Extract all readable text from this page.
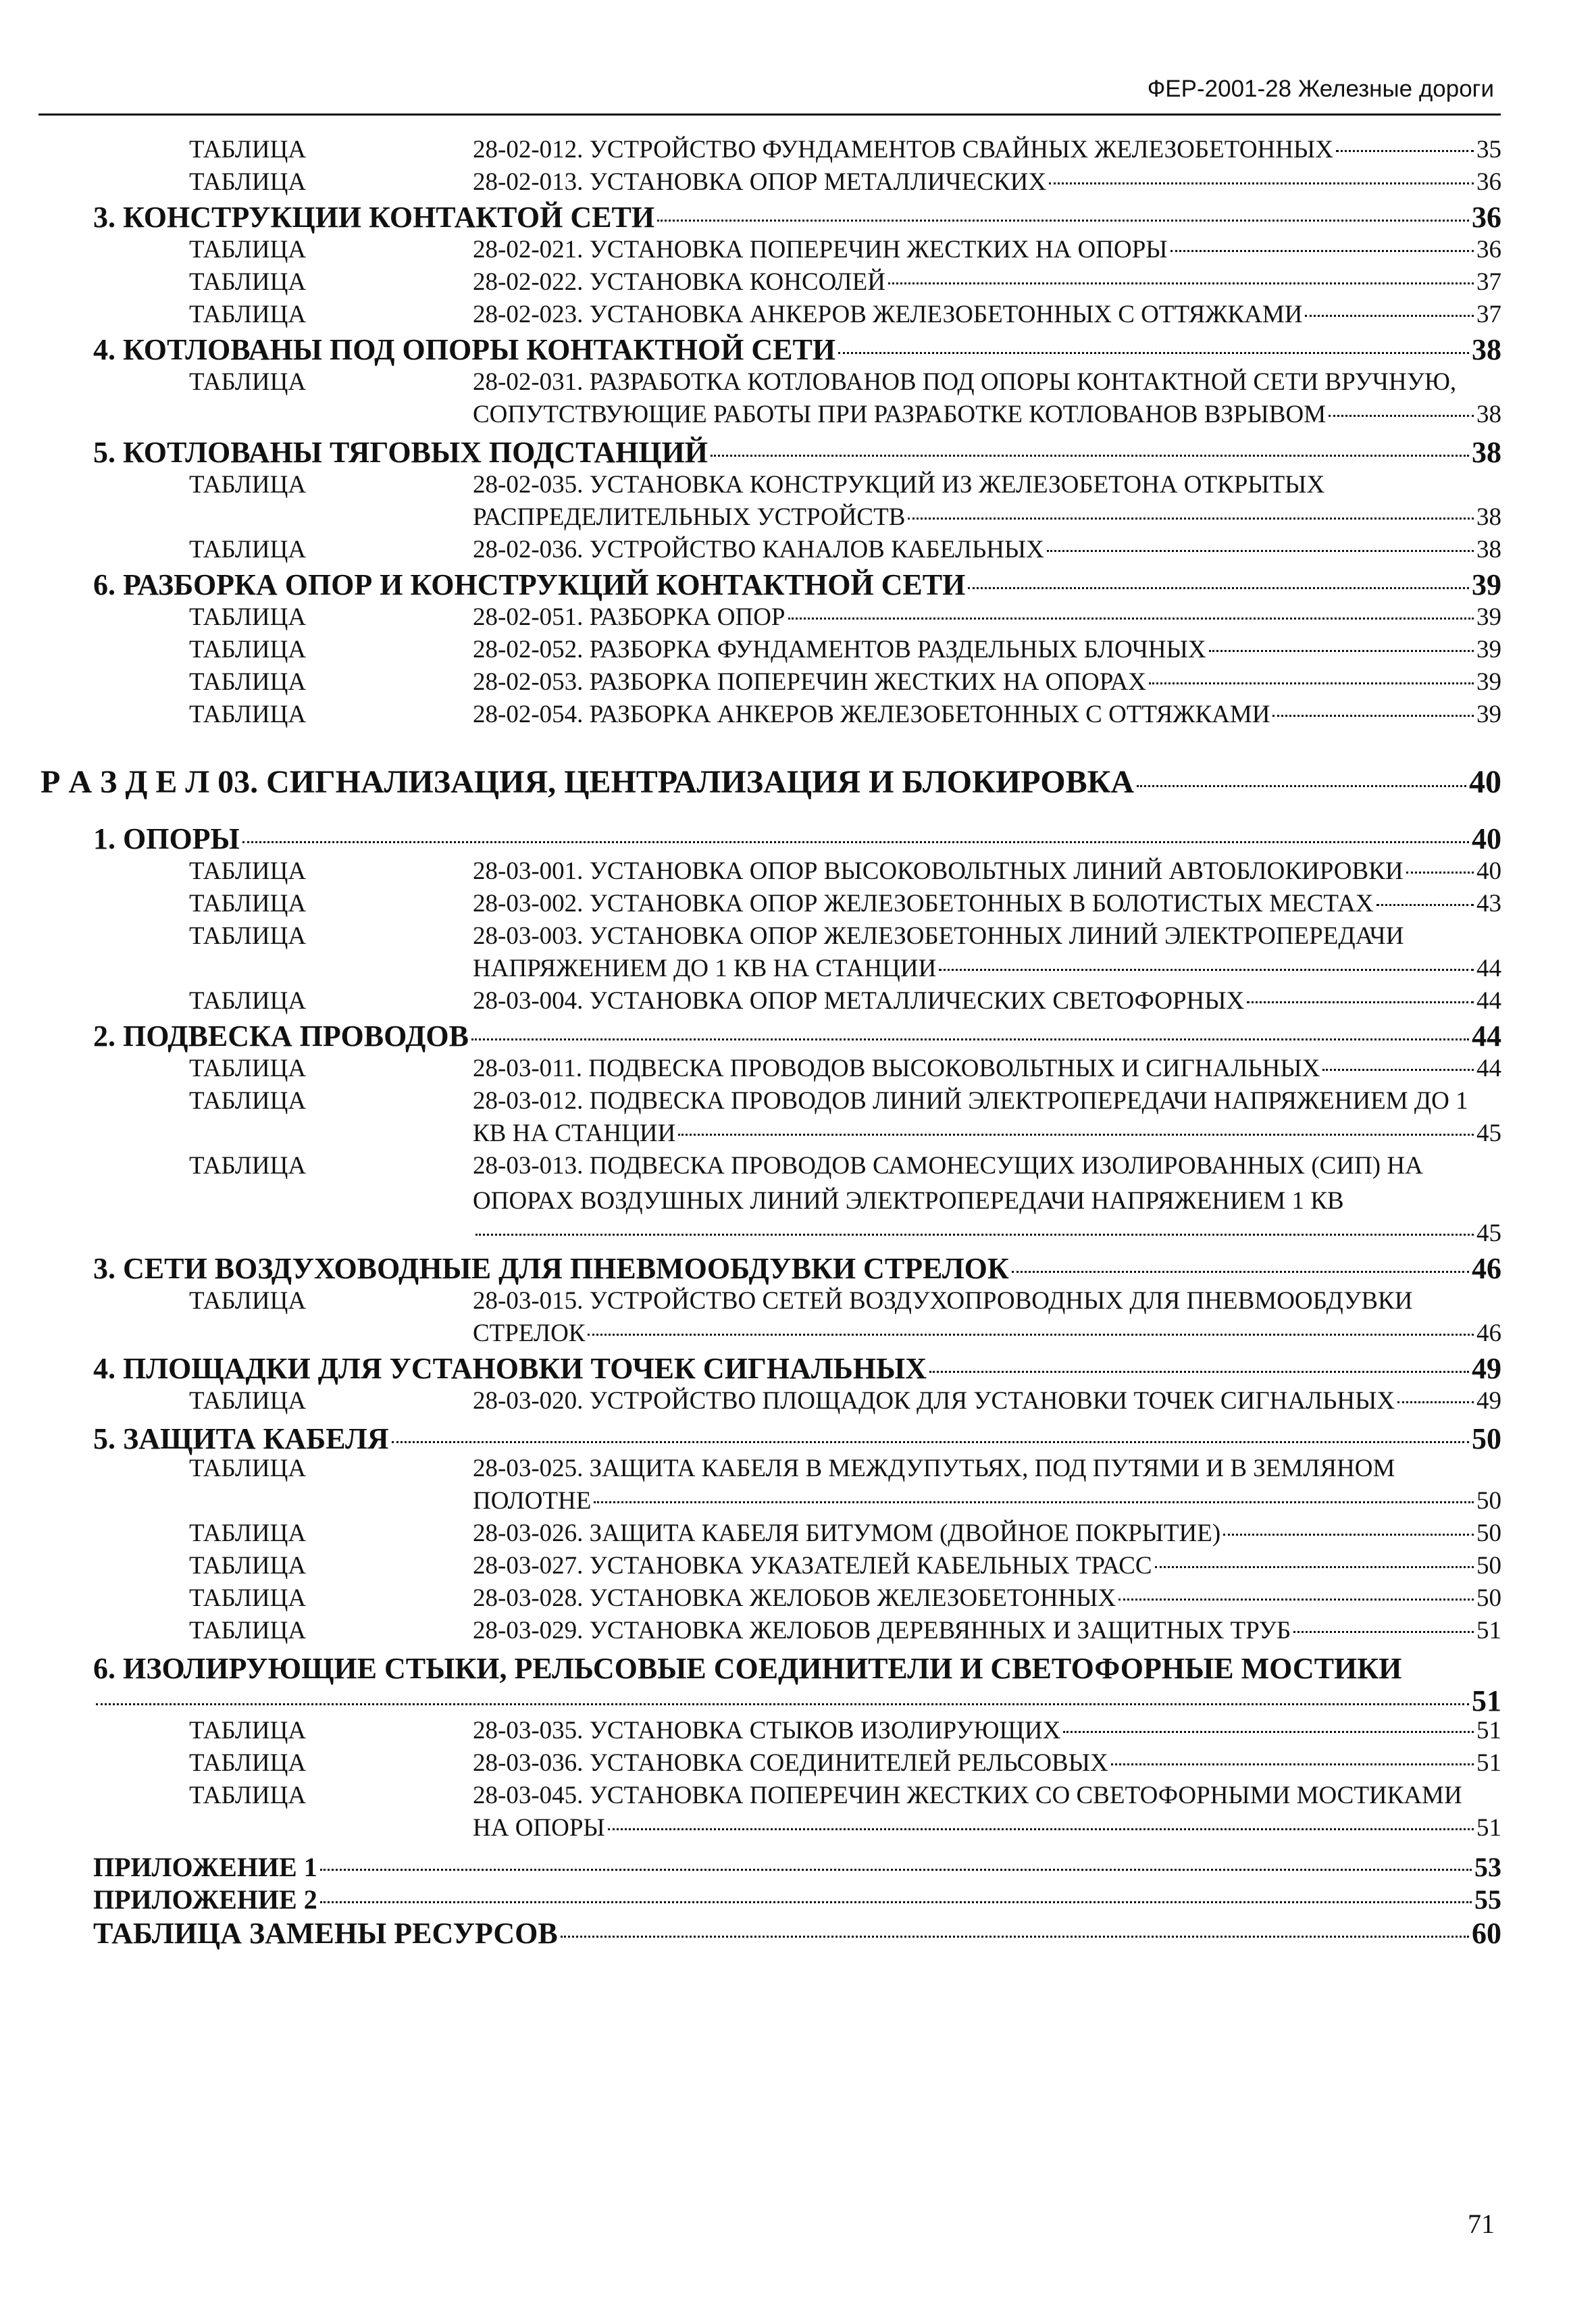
ФЕР-2001-28 Железные дороги
ТАБЛИЦА	28-02-012. УСТРОЙСТВО ФУНДАМЕНТОВ СВАЙНЫХ ЖЕЛЕЗОБЕТОННЫХ	35
ТАБЛИЦА	28-02-013. УСТАНОВКА ОПОР МЕТАЛЛИЧЕСКИХ	36
3. КОНСТРУКЦИИ КОНТАКТОЙ СЕТИ	36
ТАБЛИЦА	28-02-021. УСТАНОВКА ПОПЕРЕЧИН ЖЕСТКИХ НА ОПОРЫ	36
ТАБЛИЦА	28-02-022. УСТАНОВКА КОНСОЛЕЙ	37
ТАБЛИЦА	28-02-023. УСТАНОВКА АНКЕРОВ ЖЕЛЕЗОБЕТОННЫХ С ОТТЯЖКАМИ	37
4. КОТЛОВАНЫ ПОД ОПОРЫ КОНТАКТНОЙ СЕТИ	38
ТАБЛИЦА	28-02-031. РАЗРАБОТКА КОТЛОВАНОВ ПОД ОПОРЫ КОНТАКТНОЙ СЕТИ ВРУЧНУЮ,
СОПУТСТВУЮЩИЕ РАБОТЫ ПРИ РАЗРАБОТКЕ КОТЛОВАНОВ ВЗРЫВОМ	38
5. КОТЛОВАНЫ ТЯГОВЫХ ПОДСТАНЦИЙ	38
ТАБЛИЦА	28-02-035. УСТАНОВКА КОНСТРУКЦИЙ ИЗ ЖЕЛЕЗОБЕТОНА ОТКРЫТЫХ
РАСПРЕДЕЛИТЕЛЬНЫХ УСТРОЙСТВ	38
ТАБЛИЦА	28-02-036. УСТРОЙСТВО КАНАЛОВ КАБЕЛЬНЫХ	38
6. РАЗБОРКА ОПОР И КОНСТРУКЦИЙ КОНТАКТНОЙ СЕТИ	39
ТАБЛИЦА	28-02-051. РАЗБОРКА ОПОР	39
ТАБЛИЦА	28-02-052. РАЗБОРКА ФУНДАМЕНТОВ РАЗДЕЛЬНЫХ БЛОЧНЫХ	39
ТАБЛИЦА	28-02-053. РАЗБОРКА ПОПЕРЕЧИН ЖЕСТКИХ НА ОПОРАХ	39
ТАБЛИЦА	28-02-054. РАЗБОРКА АНКЕРОВ ЖЕЛЕЗОБЕТОННЫХ С ОТТЯЖКАМИ	39
Р А З Д Е Л 03. СИГНАЛИЗАЦИЯ, ЦЕНТРАЛИЗАЦИЯ И БЛОКИРОВКА	40
1. ОПОРЫ	40
ТАБЛИЦА	28-03-001. УСТАНОВКА ОПОР ВЫСОКОВОЛЬТНЫХ ЛИНИЙ АВТОБЛОКИРОВКИ	40
ТАБЛИЦА	28-03-002. УСТАНОВКА ОПОР ЖЕЛЕЗОБЕТОННЫХ В БОЛОТИСТЫХ МЕСТАХ	43
ТАБЛИЦА	28-03-003. УСТАНОВКА ОПОР ЖЕЛЕЗОБЕТОННЫХ ЛИНИЙ ЭЛЕКТРОПЕРЕДАЧИ
НАПРЯЖЕНИЕМ ДО 1 КВ НА СТАНЦИИ	44
ТАБЛИЦА	28-03-004. УСТАНОВКА ОПОР МЕТАЛЛИЧЕСКИХ СВЕТОФОРНЫХ	44
2. ПОДВЕСКА ПРОВОДОВ	44
ТАБЛИЦА	28-03-011. ПОДВЕСКА ПРОВОДОВ ВЫСОКОВОЛЬТНЫХ И СИГНАЛЬНЫХ	44
ТАБЛИЦА	28-03-012. ПОДВЕСКА ПРОВОДОВ ЛИНИЙ ЭЛЕКТРОПЕРЕДАЧИ НАПРЯЖЕНИЕМ ДО 1
КВ НА СТАНЦИИ	45
ТАБЛИЦА	28-03-013. ПОДВЕСКА ПРОВОДОВ САМОНЕСУЩИХ ИЗОЛИРОВАННЫХ (СИП) НА
ОПОРАХ ВОЗДУШНЫХ ЛИНИЙ ЭЛЕКТРОПЕРЕДАЧИ НАПРЯЖЕНИЕМ 1 КВ
45
3. СЕТИ ВОЗДУХОВОДНЫЕ ДЛЯ ПНЕВМООБДУВКИ СТРЕЛОК	46
ТАБЛИЦА	28-03-015. УСТРОЙСТВО СЕТЕЙ ВОЗДУХОПРОВОДНЫХ ДЛЯ ПНЕВМООБДУВКИ
СТРЕЛОК	46
4. ПЛОЩАДКИ ДЛЯ УСТАНОВКИ ТОЧЕК СИГНАЛЬНЫХ	49
ТАБЛИЦА	28-03-020. УСТРОЙСТВО ПЛОЩАДОК ДЛЯ УСТАНОВКИ ТОЧЕК СИГНАЛЬНЫХ	49
5. ЗАЩИТА КАБЕЛЯ	50
ТАБЛИЦА	28-03-025. ЗАЩИТА КАБЕЛЯ В МЕЖДУПУТЬЯХ, ПОД ПУТЯМИ И В ЗЕМЛЯНОМ
ПОЛОТНЕ	50
ТАБЛИЦА	28-03-026. ЗАЩИТА КАБЕЛЯ БИТУМОМ (ДВОЙНОЕ ПОКРЫТИЕ)	50
ТАБЛИЦА	28-03-027. УСТАНОВКА УКАЗАТЕЛЕЙ КАБЕЛЬНЫХ ТРАСС	50
ТАБЛИЦА	28-03-028. УСТАНОВКА ЖЕЛОБОВ ЖЕЛЕЗОБЕТОННЫХ	50
ТАБЛИЦА	28-03-029. УСТАНОВКА ЖЕЛОБОВ ДЕРЕВЯННЫХ И ЗАЩИТНЫХ ТРУБ	51
6. ИЗОЛИРУЮЩИЕ СТЫКИ, РЕЛЬСОВЫЕ СОЕДИНИТЕЛИ И СВЕТОФОРНЫЕ МОСТИКИ
51
ТАБЛИЦА	28-03-035. УСТАНОВКА СТЫКОВ ИЗОЛИРУЮЩИХ	51
ТАБЛИЦА	28-03-036. УСТАНОВКА СОЕДИНИТЕЛЕЙ РЕЛЬСОВЫХ	51
ТАБЛИЦА	28-03-045. УСТАНОВКА ПОПЕРЕЧИН ЖЕСТКИХ СО СВЕТОФОРНЫМИ МОСТИКАМИ
НА ОПОРЫ	51
ПРИЛОЖЕНИЕ 1	53
ПРИЛОЖЕНИЕ 2	55
ТАБЛИЦА ЗАМЕНЫ РЕСУРСОВ	60
71
